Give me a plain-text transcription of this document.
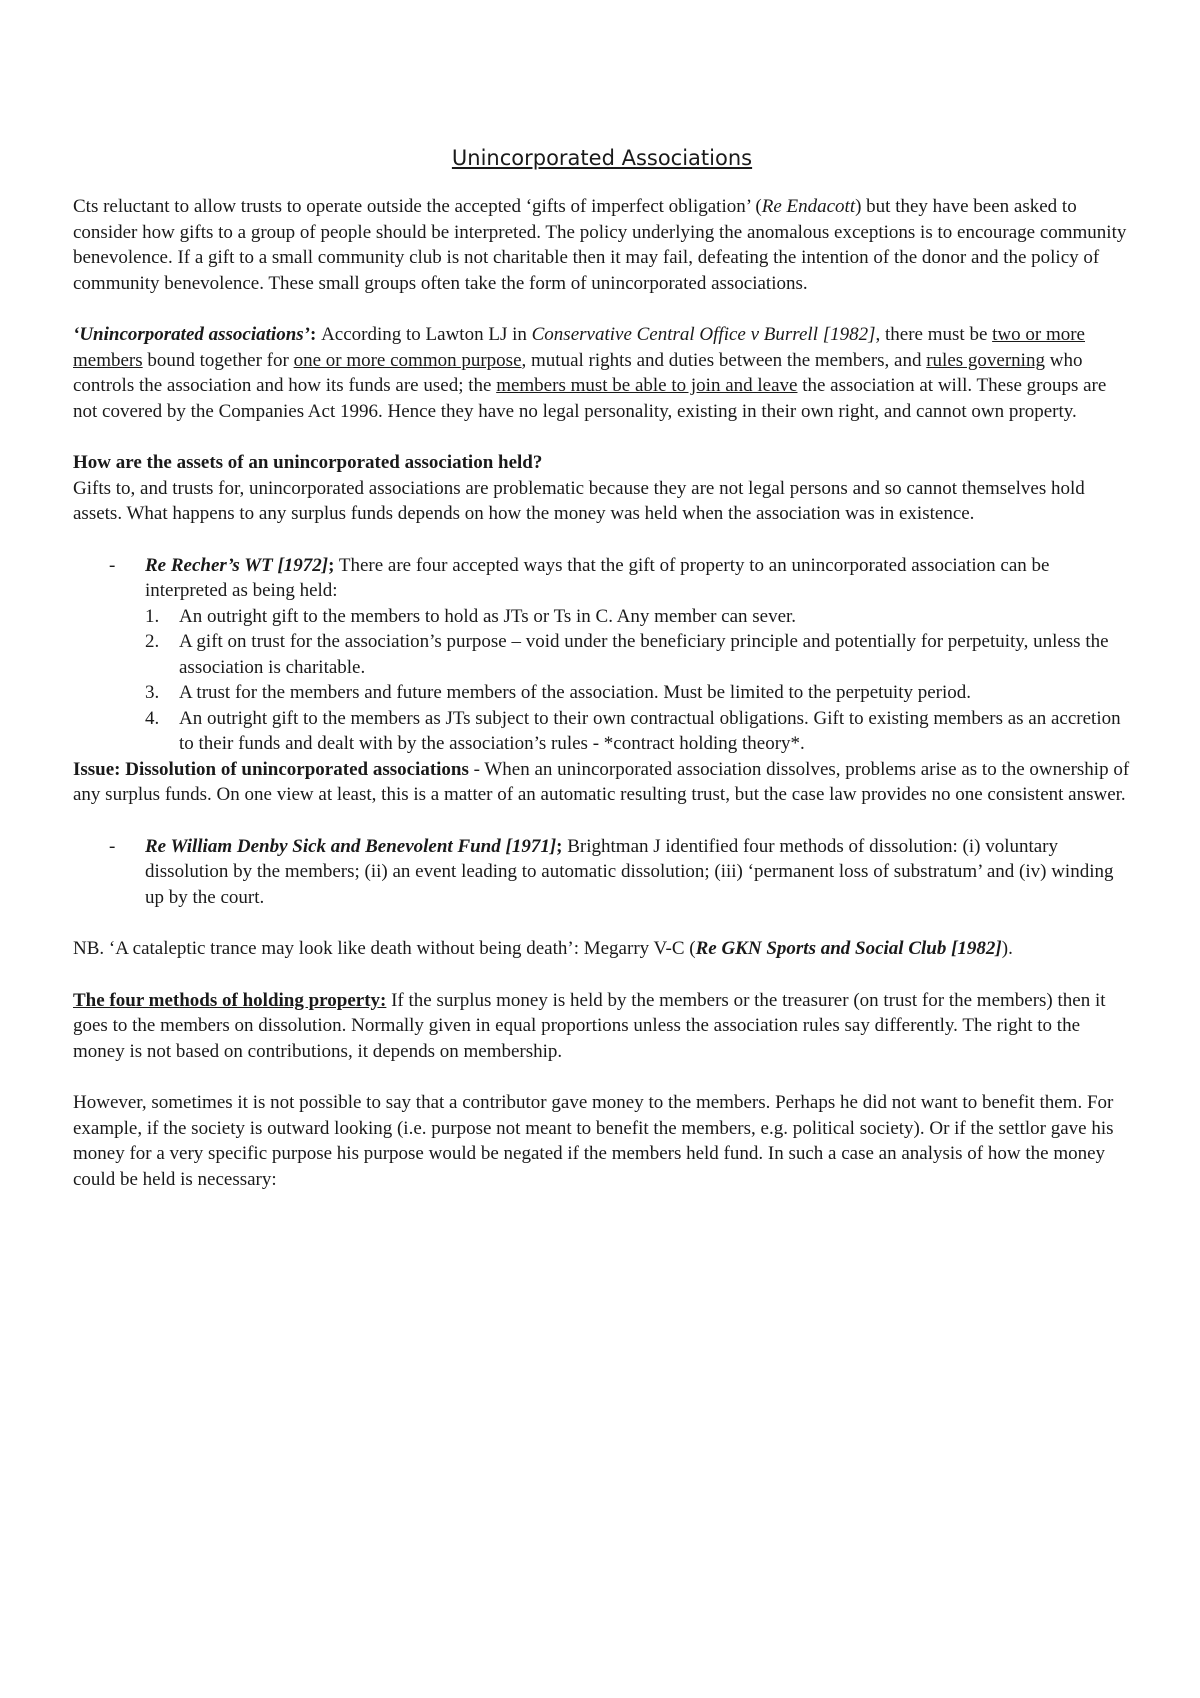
Unincorporated Associations

Cts reluctant to allow trusts to operate outside the accepted ‘gifts of imperfect obligation’ (Re Endacott) but they have been asked to consider how gifts to a group of people should be interpreted. The policy underlying the anomalous exceptions is to encourage community benevolence. If a gift to a small community club is not charitable then it may fail, defeating the intention of the donor and the policy of community benevolence. These small groups often take the form of unincorporated associations.

‘Unincorporated associations’: According to Lawton LJ in Conservative Central Office v Burrell [1982], there must be two or more members bound together for one or more common purpose, mutual rights and duties between the members, and rules governing who controls the association and how its funds are used; the members must be able to join and leave the association at will. These groups are not covered by the Companies Act 1996. Hence they have no legal personality, existing in their own right, and cannot own property.

How are the assets of an unincorporated association held?

Gifts to, and trusts for, unincorporated associations are problematic because they are not legal persons and so cannot themselves hold assets. What happens to any surplus funds depends on how the money was held when the association was in existence.

- Re Recher’s WT [1972]; There are four accepted ways that the gift of property to an unincorporated association can be interpreted as being held:
1.	An outright gift to the members to hold as JTs or Ts in C. Any member can sever.
2.	A gift on trust for the association’s purpose – void under the beneficiary principle and potentially for perpetuity, unless the association is charitable.
3.	A trust for the members and future members of the association. Must be limited to the perpetuity period.
4.	An outright gift to the members as JTs subject to their own contractual obligations. Gift to existing members as an accretion to their funds and dealt with by the association’s rules - *contract holding theory*.

Issue: Dissolution of unincorporated associations - When an unincorporated association dissolves, problems arise as to the ownership of any surplus funds. On one view at least, this is a matter of an automatic resulting trust, but the case law provides no one consistent answer.

- Re William Denby Sick and Benevolent Fund [1971]; Brightman J identified four methods of dissolution: (i) voluntary dissolution by the members; (ii) an event leading to automatic dissolution; (iii) ‘permanent loss of substratum’ and (iv) winding up by the court.

NB. ‘A cataleptic trance may look like death without being death’: Megarry V-C (Re GKN Sports and Social Club [1982]).

The four methods of holding property: If the surplus money is held by the members or the treasurer (on trust for the members) then it goes to the members on dissolution. Normally given in equal proportions unless the association rules say differently. The right to the money is not based on contributions, it depends on membership.

However, sometimes it is not possible to say that a contributor gave money to the members. Perhaps he did not want to benefit them. For example, if the society is outward looking (i.e. purpose not meant to benefit the members, e.g. political society). Or if the settlor gave his money for a very specific purpose his purpose would be negated if the members held fund. In such a case an analysis of how the money could be held is necessary:
